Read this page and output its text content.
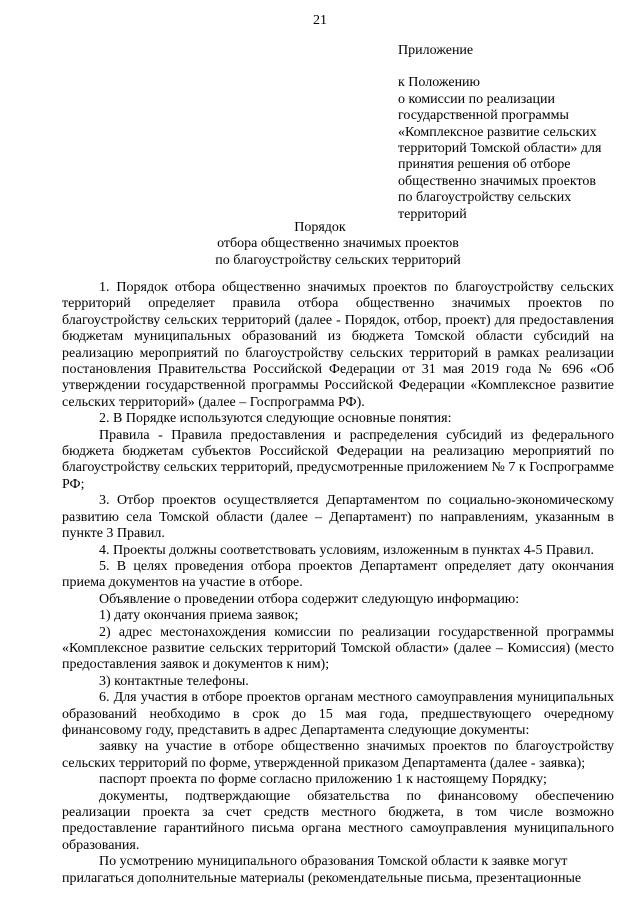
21
Приложение
к Положению
о комиссии по реализации
государственной программы
«Комплексное развитие сельских
территорий Томской области» для
принятия решения об отборе
общественно значимых проектов
по благоустройству сельских
территорий
Порядок
отбора общественно значимых проектов
по благоустройству сельских территорий

1. Порядок отбора общественно значимых проектов по благоустройству сельских территорий определяет правила отбора общественно значимых проектов по благоустройству сельских территорий (далее - Порядок, отбор, проект) для предоставления бюджетам муниципальных образований из бюджета Томской области субсидий на реализацию мероприятий по благоустройству сельских территорий в рамках реализации постановления Правительства Российской Федерации от 31 мая 2019 года № 696 «Об утверждении государственной программы Российской Федерации «Комплексное развитие сельских территорий» (далее – Госпрограмма РФ).

2. В Порядке используются следующие основные понятия:

Правила - Правила предоставления и распределения субсидий из федерального бюджета бюджетам субъектов Российской Федерации на реализацию мероприятий по благоустройству сельских территорий, предусмотренные приложением № 7 к Госпрограмме РФ;

3. Отбор проектов осуществляется Департаментом по социально-экономическому развитию села Томской области (далее – Департамент) по направлениям, указанным в пункте 3 Правил.

4. Проекты должны соответствовать условиям, изложенным в пунктах 4-5 Правил.

5. В целях проведения отбора проектов Департамент определяет дату окончания приема документов на участие в отборе.

Объявление о проведении отбора содержит следующую информацию:

1) дату окончания приема заявок;

2) адрес местонахождения комиссии по реализации государственной программы «Комплексное развитие сельских территорий Томской области» (далее – Комиссия) (место предоставления заявок и документов к ним);

3) контактные телефоны.

6. Для участия в отборе проектов органам местного самоуправления муниципальных образований необходимо в срок до 15 мая года, предшествующего очередному финансовому году, представить в адрес Департамента следующие документы:

заявку на участие в отборе общественно значимых проектов по благоустройству сельских территорий по форме, утвержденной приказом Департамента (далее - заявка);

паспорт проекта по форме согласно приложению 1 к настоящему Порядку;

документы, подтверждающие обязательства по финансовому обеспечению реализации проекта за счет средств местного бюджета, в том числе возможно предоставление гарантийного письма органа местного самоуправления муниципального образования.

По усмотрению муниципального образования Томской области к заявке могут прилагаться дополнительные материалы (рекомендательные письма, презентационные
